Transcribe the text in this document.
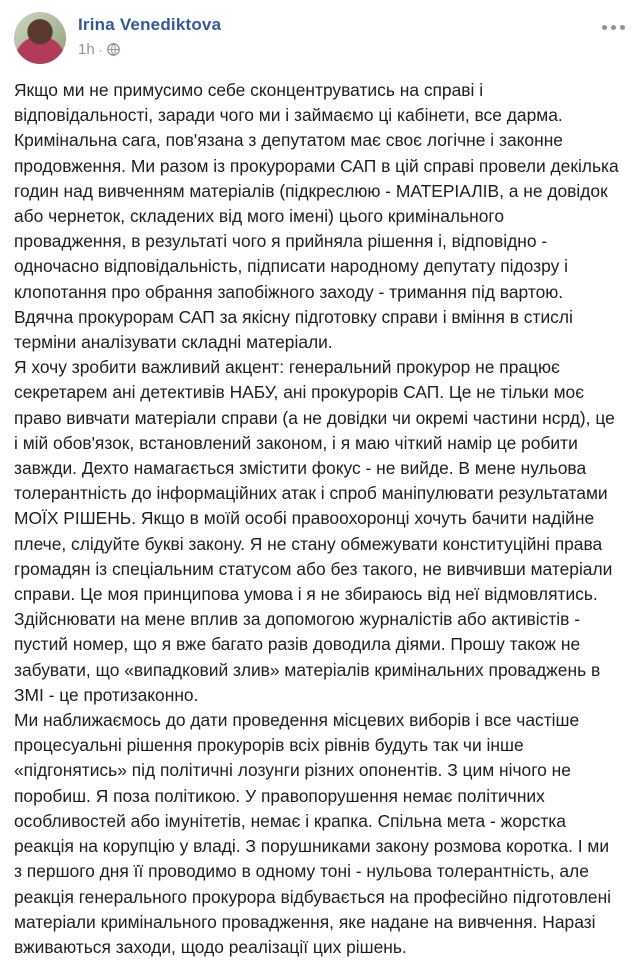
Irina Venediktova
1h ·

Якщо ми не примусимо себе сконцентруватись на справі і відповідальності, заради чого ми і займаємо ці кабінети, все дарма. Кримінальна сага, пов'язана з депутатом має своє логічне і законне продовження. Ми разом із прокурорами САП в цій справі провели декілька годин над вивченням матеріалів (підкреслюю - МАТЕРІАЛІВ, а не довідок або чернеток, складених від мого імені) цього кримінального провадження, в результаті чого я прийняла рішення і, відповідно - одночасно відповідальність, підписати народному депутату підозру і клопотання про обрання запобіжного заходу - тримання під вартою. Вдячна прокурорам САП за якісну підготовку справи і вміння в стислі терміни аналізувати складні матеріали.

Я хочу зробити важливий акцент: генеральний прокурор не працює секретарем ані детективів НАБУ, ані прокурорів САП. Це не тільки моє право вивчати матеріали справи (а не довідки чи окремі частини нсрд), це і мій обов'язок, встановлений законом, і я маю чіткий намір це робити завжди. Дехто намагається змістити фокус - не вийде. В мене нульова толерантність до інформаційних атак і спроб маніпулювати результатами МОЇХ РІШЕНЬ. Якщо в моїй особі правоохоронці хочуть бачити надійне плече, слідуйте букві закону. Я не стану обмежувати конституційні права громадян із спеціальним статусом або без такого, не вивчивши матеріали справи. Це моя принципова умова і я не збираюсь від неї відмовлятись. Здійснювати на мене вплив за допомогою журналістів або активістів - пустий номер, що я вже багато разів доводила діями. Прошу також не забувати, що «випадковий злив» матеріалів кримінальних проваджень в ЗМІ - це протизаконно.

Ми наближаємось до дати проведення місцевих виборів і все частіше процесуальні рішення прокурорів всіх рівнів будуть так чи інше «підгонятись» під політичні лозунги різних опонентів. З цим нічого не поробиш. Я поза політикою. У правопорушення немає політичних особливостей або імунітетів, немає і крапка. Спільна мета - жорстка реакція на корупцію у владі. З порушниками закону розмова коротка. І ми з першого дня її проводимо в одному тоні - нульова толерантність, але реакція генерального прокурора відбувається на професійно підготовлені матеріали кримінального провадження, яке надане на вивчення. Наразі вживаються заходи, щодо реалізації цих рішень.
